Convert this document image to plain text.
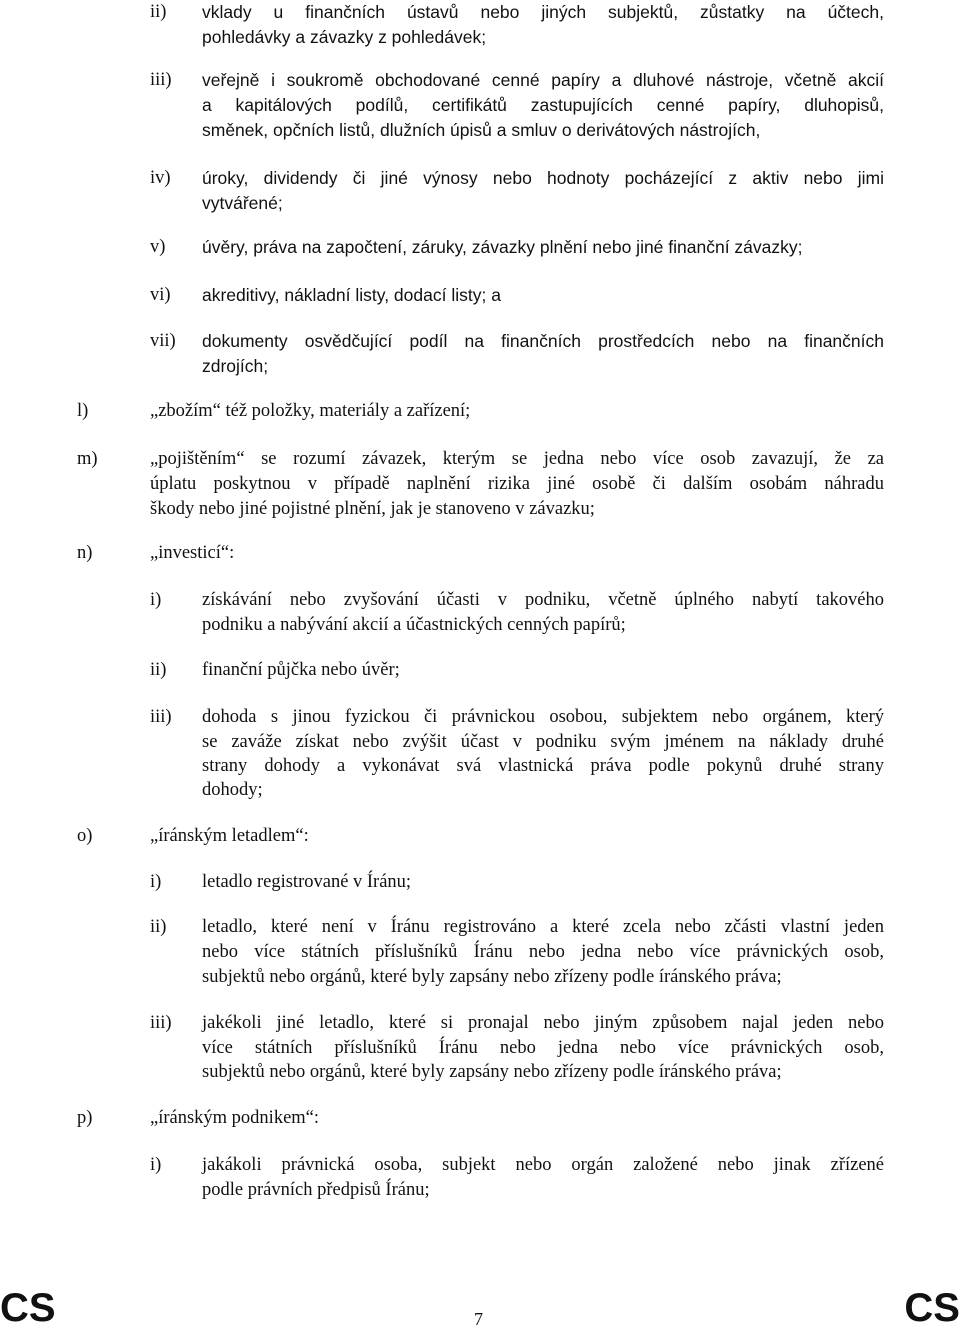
ii) vklady u finančních ústavů nebo jiných subjektů, zůstatky na účtech,
pohledávky a závazky z pohledávek;
iii) veřejně i soukromě obchodované cenné papíry a dluhové nástroje, včetně akcií
a kapitálových podílů, certifikátů zastupujících cenné papíry, dluhopisů,
směnek, opčních listů, dlužních úpisů a smluv o derivátových nástrojích,
iv) úroky, dividendy či jiné výnosy nebo hodnoty pocházející z aktiv nebo jimi
vytvářené;
v) úvěry, práva na započtení, záruky, závazky plnění nebo jiné finanční závazky;
vi) akreditivy, nákladní listy, dodací listy; a
vii) dokumenty osvědčující podíl na finančních prostředcích nebo na finančních
zdrojích;
l)	„zbožím“ též položky, materiály a zařízení;
m)	„pojištěním“ se rozumí závazek, kterým se jedna nebo více osob zavazují, že za
úplatu poskytnou v případě naplnění rizika jiné osobě či dalším osobám náhradu
škody nebo jiné pojistné plnění, jak je stanoveno v závazku;
n)	„investicí“:
i) získávání nebo zvyšování účasti v podniku, včetně úplného nabytí takového
podniku a nabývání akcií a účastnických cenných papírů;
ii) finanční půjčka nebo úvěr;
iii) dohoda s jinou fyzickou či právnickou osobou, subjektem nebo orgánem, který
se zaváže získat nebo zvýšit účast v podniku svým jménem na náklady druhé
strany dohody a vykonávat svá vlastnická práva podle pokynů druhé strany
dohody;
o)	„íránským letadlem“:
i) letadlo registrované v Íránu;
ii) letadlo, které není v Íránu registrováno a které zcela nebo zčásti vlastní jeden
nebo více státních příslušníků Íránu nebo jedna nebo více právnických osob,
subjektů nebo orgánů, které byly zapsány nebo zřízeny podle íránského práva;
iii) jakékoli jiné letadlo, které si pronajal nebo jiným způsobem najal jeden nebo
více státních příslušníků Íránu nebo jedna nebo více právnických osob,
subjektů nebo orgánů, které byly zapsány nebo zřízeny podle íránského práva;
p)	„íránským podnikem“:
i) jakákoli právnická osoba, subjekt nebo orgán založené nebo jinak zřízené
podle právních předpisů Íránu;
CS	7	CS
